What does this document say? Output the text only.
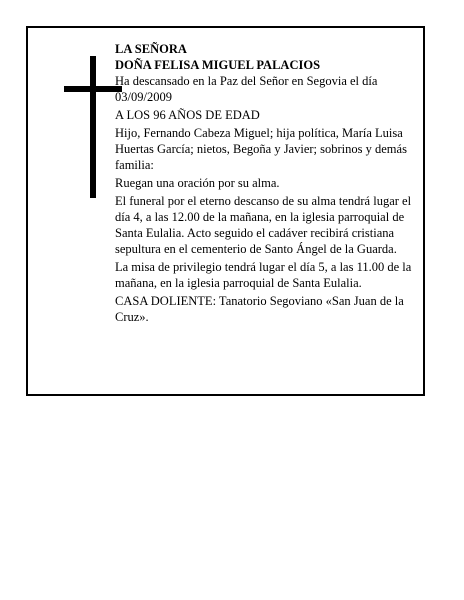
LA SEÑORA

DOÑA FELISA MIGUEL PALACIOS

Ha descansado en la Paz del Señor en Segovia el día 03/09/2009

A LOS 96 AÑOS DE EDAD

Hijo, Fernando Cabeza Miguel; hija política, María Luisa Huertas García; nietos, Begoña y Javier; sobrinos y demás familia:

Ruegan una oración por su alma.

El funeral por el eterno descanso de su alma tendrá lugar el día 4, a las 12.00 de la mañana, en la iglesia parroquial de Santa Eulalia. Acto seguido el cadáver recibirá cristiana sepultura en el cementerio de Santo Ángel de la Guarda.

La misa de privilegio tendrá lugar el día 5, a las 11.00 de la mañana, en la iglesia parroquial de Santa Eulalia.

CASA DOLIENTE: Tanatorio Segoviano «San Juan de la Cruz».
